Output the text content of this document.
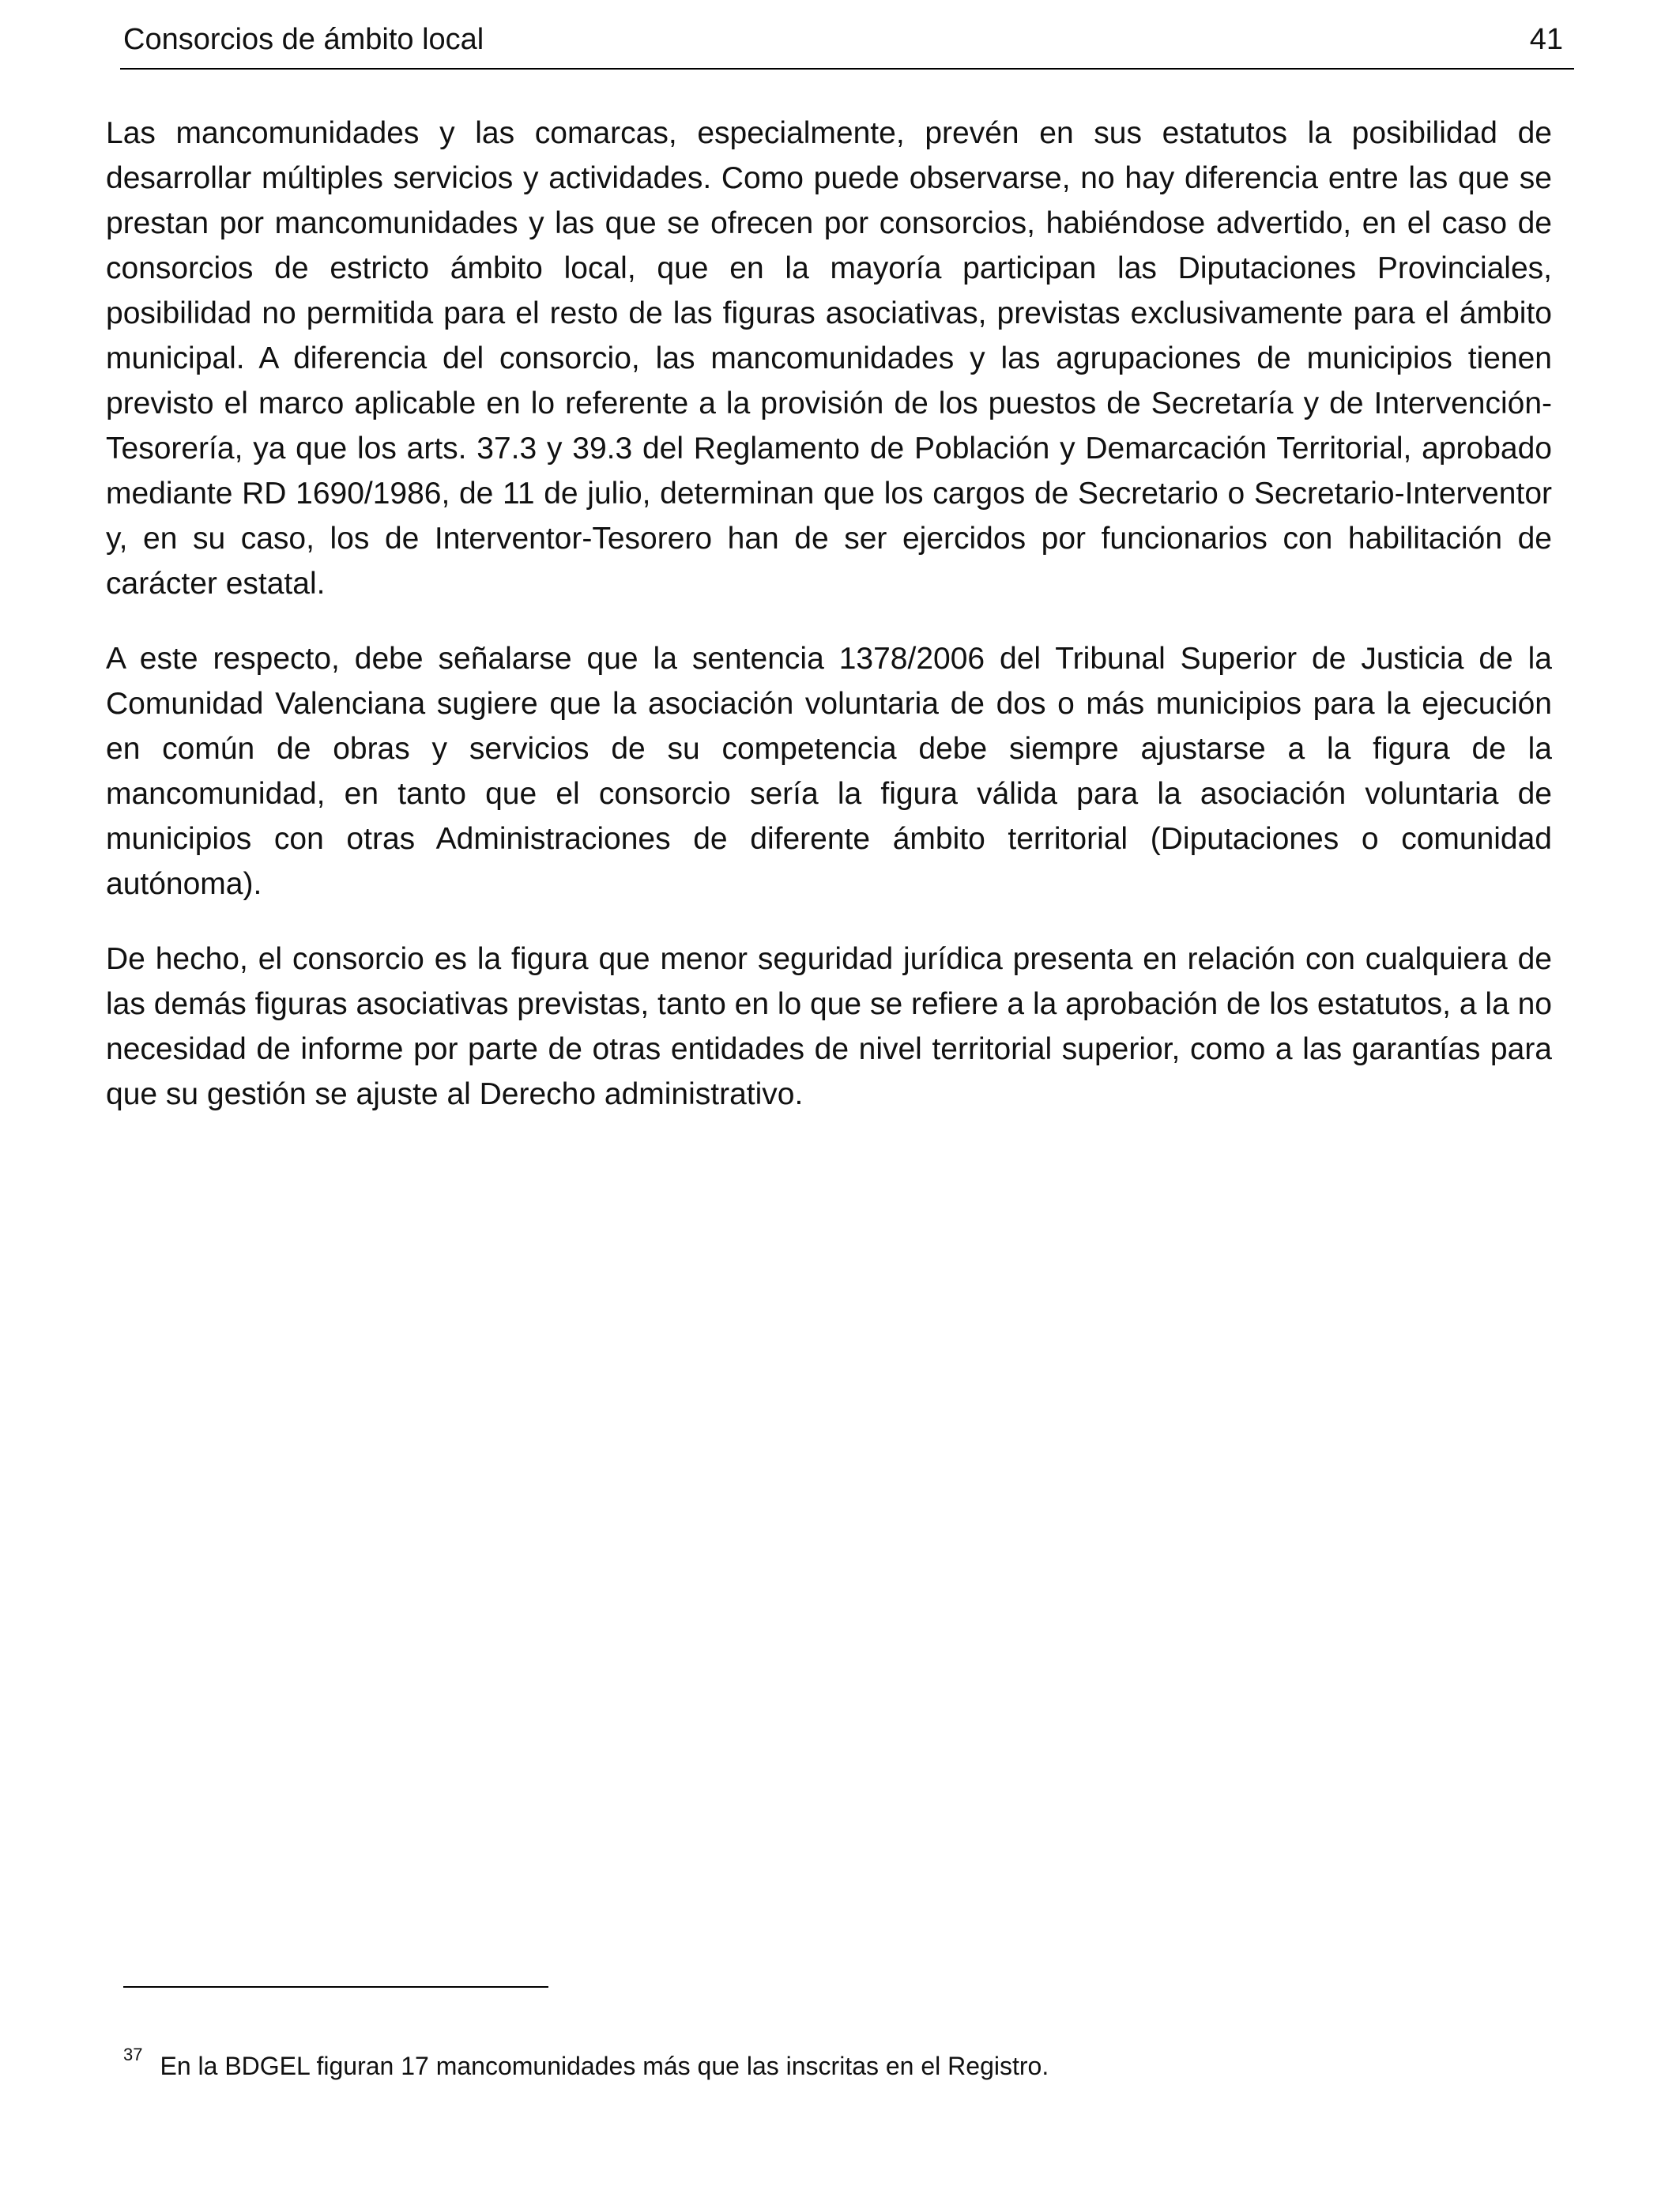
Consorcios de ámbito local	41

Las mancomunidades y las comarcas, especialmente, prevén en sus estatutos la posibilidad de desarrollar múltiples servicios y actividades. Como puede observarse, no hay diferencia entre las que se prestan por mancomunidades y las que se ofrecen por consorcios, habiéndose advertido, en el caso de consorcios de estricto ámbito local, que en la mayoría participan las Diputaciones Provinciales, posibilidad no permitida para el resto de las figuras asociativas, previstas exclusivamente para el ámbito municipal. A diferencia del consorcio, las mancomunidades y las agrupaciones de municipios tienen previsto el marco aplicable en lo referente a la provisión de los puestos de Secretaría y de Intervención-Tesorería, ya que los arts. 37.3 y 39.3 del Reglamento de Población y Demarcación Territorial, aprobado mediante RD 1690/1986, de 11 de julio, determinan que los cargos de Secretario o Secretario-Interventor y, en su caso, los de Interventor-Tesorero han de ser ejercidos por funcionarios con habilitación de carácter estatal.

A este respecto, debe señalarse que la sentencia 1378/2006 del Tribunal Superior de Justicia de la Comunidad Valenciana sugiere que la asociación voluntaria de dos o más municipios para la ejecución en común de obras y servicios de su competencia debe siempre ajustarse a la figura de la mancomunidad, en tanto que el consorcio sería la figura válida para la asociación voluntaria de municipios con otras Administraciones de diferente ámbito territorial (Diputaciones o comunidad autónoma).

De hecho, el consorcio es la figura que menor seguridad jurídica presenta en relación con cualquiera de las demás figuras asociativas previstas, tanto en lo que se refiere a la aprobación de los estatutos, a la no necesidad de informe por parte de otras entidades de nivel territorial superior, como a las garantías para que su gestión se ajuste al Derecho administrativo.

$^{37}$ En la BDGEL figuran 17 mancomunidades más que las inscritas en el Registro.
